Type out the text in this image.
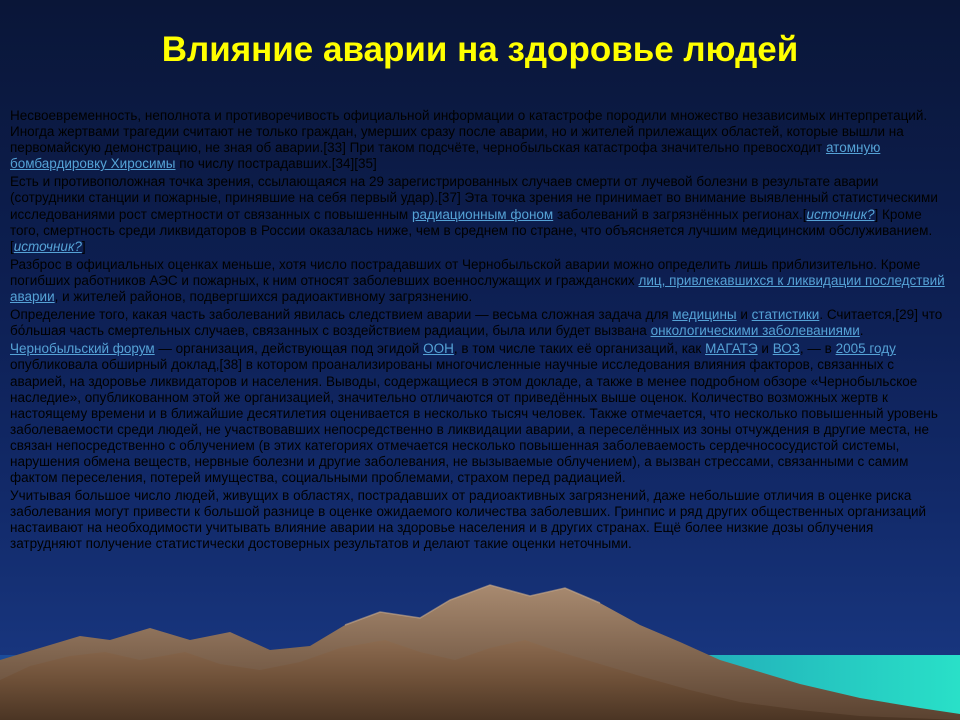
Влияние аварии на здоровье людей

Несвоевременность, неполнота и противоречивость официальной информации о катастрофе породили множество независимых интерпретаций. Иногда жертвами трагедии считают не только граждан, умерших сразу после аварии, но и жителей прилежащих областей, которые вышли на первомайскую демонстрацию, не зная об аварии.[33] При таком подсчёте, чернобыльская катастрофа значительно превосходит атомную бомбардировку Хиросимы по числу пострадавших.[34][35]

Есть и противоположная точка зрения, ссылающаяся на 29 зарегистрированных случаев смерти от лучевой болезни в результате аварии (сотрудники станции и пожарные, принявшие на себя первый удар).[37] Эта точка зрения не принимает во внимание выявленный статистическими исследованиями рост смертности от связанных с повышенным радиационным фоном заболеваний в загрязнённых регионах.[источник?] Кроме того, смертность среди ликвидаторов в России оказалась ниже, чем в среднем по стране, что объясняется лучшим медицинским обслуживанием.[источник?]

Разброс в официальных оценках меньше, хотя число пострадавших от Чернобыльской аварии можно определить лишь приблизительно. Кроме погибших работников АЭС и пожарных, к ним относят заболевших военнослужащих и гражданских лиц, привлекавшихся к ликвидации последствий аварии, и жителей районов, подвергшихся радиоактивному загрязнению.

Определение того, какая часть заболеваний явилась следствием аварии — весьма сложная задача для медицины и статистики. Считается,[29] что бо́льшая часть смертельных случаев, связанных с воздействием радиации, была или будет вызвана онкологическими заболеваниями.

Чернобыльский форум — организация, действующая под эгидой ООН, в том числе таких её организаций, как МАГАТЭ и ВОЗ, — в 2005 году опубликовала обширный доклад,[38] в котором проанализированы многочисленные научные исследования влияния факторов, связанных с аварией, на здоровье ликвидаторов и населения. Выводы, содержащиеся в этом докладе, а также в менее подробном обзоре «Чернобыльское наследие», опубликованном этой же организацией, значительно отличаются от приведённых выше оценок. Количество возможных жертв к настоящему времени и в ближайшие десятилетия оценивается в несколько тысяч человек. Также отмечается, что несколько повышенный уровень заболеваемости среди людей, не участвовавших непосредственно в ликвидации аварии, а переселённых из зоны отчуждения в другие места, не связан непосредственно с облучением (в этих категориях отмечается несколько повышенная заболеваемость сердечнососудистой системы, нарушения обмена веществ, нервные болезни и другие заболевания, не вызываемые облучением), а вызван стрессами, связанными с самим фактом переселения, потерей имущества, социальными проблемами, страхом перед радиацией.

Учитывая большое число людей, живущих в областях, пострадавших от радиоактивных загрязнений, даже небольшие отличия в оценке риска заболевания могут привести к большой разнице в оценке ожидаемого количества заболевших. Гринпис и ряд других общественных организаций настаивают на необходимости учитывать влияние аварии на здоровье населения и в других странах. Ещё более низкие дозы облучения затрудняют получение статистически достоверных результатов и делают такие оценки неточными.
